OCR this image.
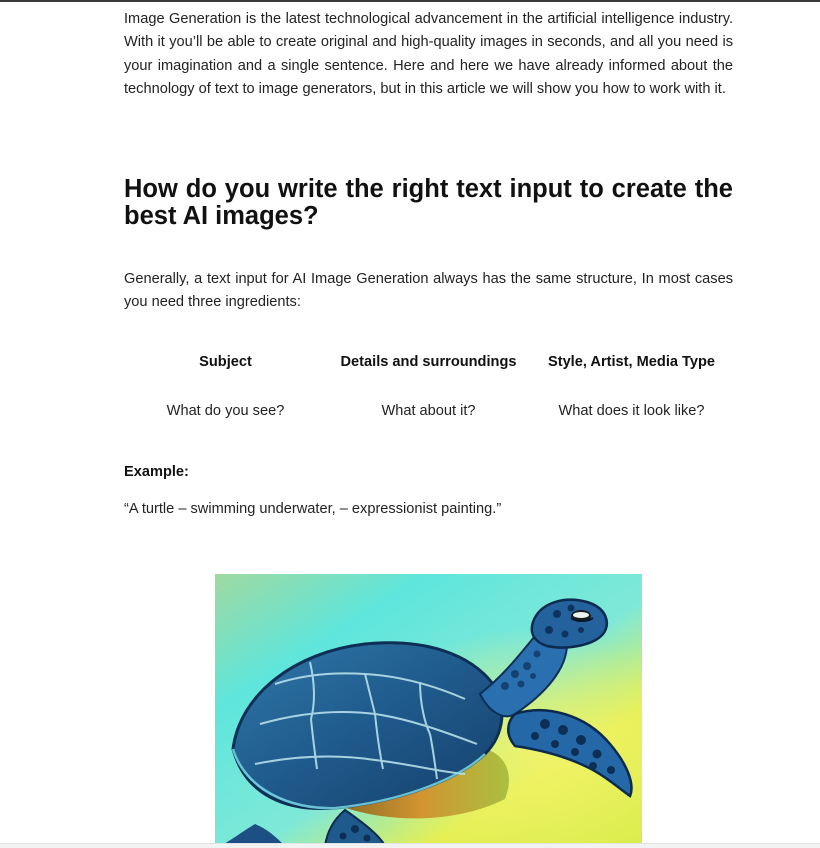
Image Generation is the latest technological advancement in the artificial intelligence industry. With it you’ll be able to create original and high-quality images in seconds, and all you need is your imagination and a single sentence. Here and here we have already informed about the technology of text to image generators, but in this article we will show you how to work with it.

How do you write the right text input to create the best AI images?

Generally, a text input for AI Image Generation always has the same structure, In most cases you need three ingredients:

Subject	Details and surroundings	Style, Artist, Media Type
What do you see?	What about it?	What does it look like?

Example:

“A turtle – swimming underwater, – expressionist painting.”
